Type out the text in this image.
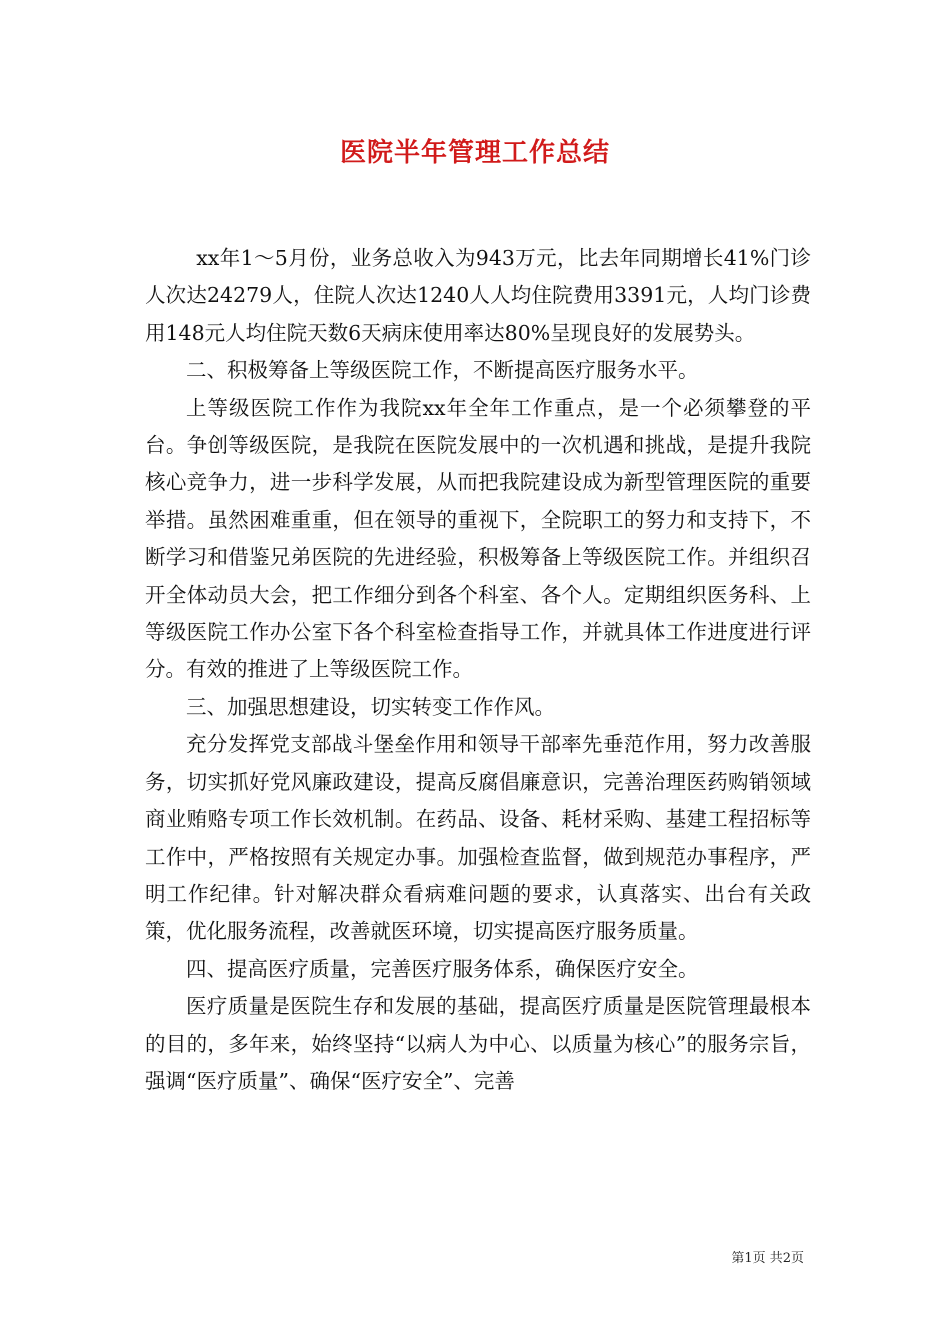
医院半年管理工作总结

xx年1～5月份，业务总收入为943万元，比去年同期增长41%门诊人次达24279人，住院人次达1240人人均住院费用3391元，人均门诊费用148元人均住院天数6天病床使用率达80%呈现良好的发展势头。

二、积极筹备上等级医院工作，不断提高医疗服务水平。

上等级医院工作作为我院xx年全年工作重点，是一个必须攀登的平台。争创等级医院，是我院在医院发展中的一次机遇和挑战，是提升我院核心竞争力，进一步科学发展，从而把我院建设成为新型管理医院的重要举措。虽然困难重重，但在领导的重视下，全院职工的努力和支持下，不断学习和借鉴兄弟医院的先进经验，积极筹备上等级医院工作。并组织召开全体动员大会，把工作细分到各个科室、各个人。定期组织医务科、上等级医院工作办公室下各个科室检查指导工作，并就具体工作进度进行评分。有效的推进了上等级医院工作。

三、加强思想建设，切实转变工作作风。

充分发挥党支部战斗堡垒作用和领导干部率先垂范作用，努力改善服务，切实抓好党风廉政建设，提高反腐倡廉意识，完善治理医药购销领域商业贿赂专项工作长效机制。在药品、设备、耗材采购、基建工程招标等工作中，严格按照有关规定办事。加强检查监督，做到规范办事程序，严明工作纪律。针对解决群众看病难问题的要求，认真落实、出台有关政策，优化服务流程，改善就医环境，切实提高医疗服务质量。

四、提高医疗质量，完善医疗服务体系，确保医疗安全。

医疗质量是医院生存和发展的基础，提高医疗质量是医院管理最根本的目的，多年来，始终坚持“以病人为中心、以质量为核心”的服务宗旨，强调“医疗质量”、确保“医疗安全”、完善

第1页 共2页
